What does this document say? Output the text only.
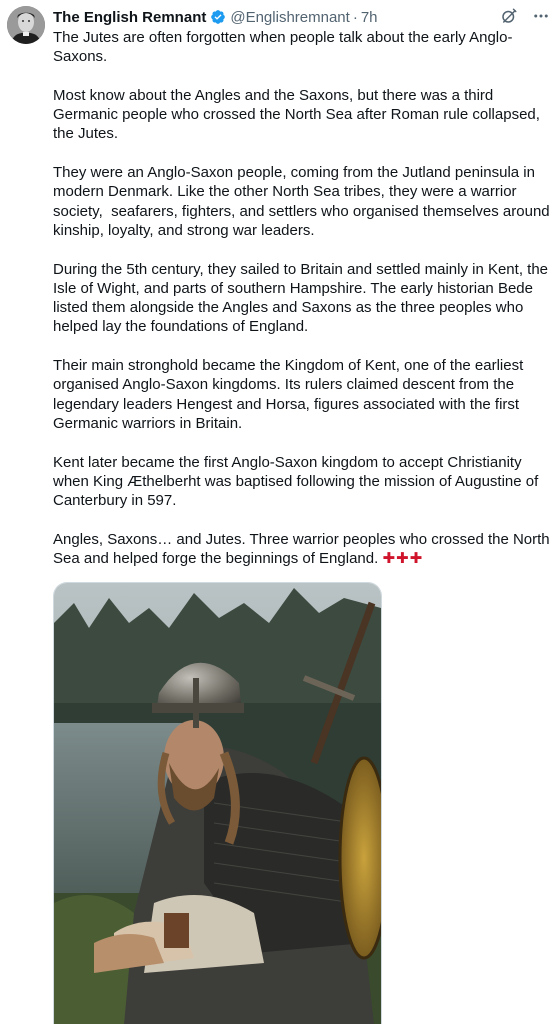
The English Remnant @Englishremnant · 7h

The Jutes are often forgotten when people talk about the early Anglo-Saxons.

Most know about the Angles and the Saxons, but there was a third Germanic people who crossed the North Sea after Roman rule collapsed, the Jutes.

They were an Anglo-Saxon people, coming from the Jutland peninsula in modern Denmark. Like the other North Sea tribes, they were a warrior society,  seafarers, fighters, and settlers who organised themselves around kinship, loyalty, and strong war leaders.

During the 5th century, they sailed to Britain and settled mainly in Kent, the Isle of Wight, and parts of southern Hampshire. The early historian Bede listed them alongside the Angles and Saxons as the three peoples who helped lay the foundations of England.

Their main stronghold became the Kingdom of Kent, one of the earliest organised Anglo-Saxon kingdoms. Its rulers claimed descent from the legendary leaders Hengest and Horsa, figures associated with the first Germanic warriors in Britain.

Kent later became the first Anglo-Saxon kingdom to accept Christianity when King Æthelberht was baptised following the mission of Augustine of Canterbury in 597.

Angles, Saxons… and Jutes. Three warrior peoples who crossed the North Sea and helped forge the beginnings of England. ✚✚✚
